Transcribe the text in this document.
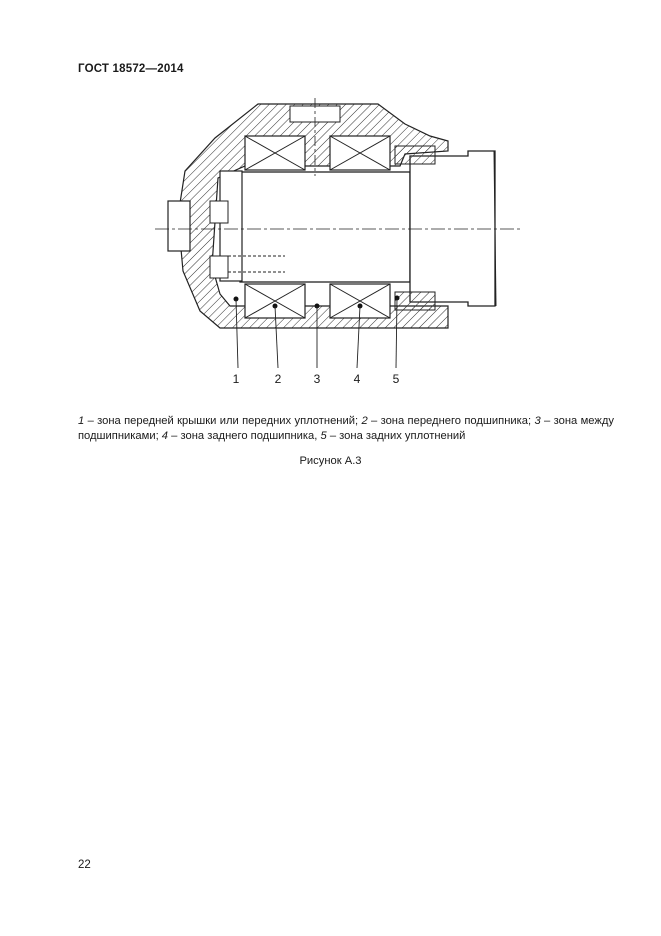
ГОСТ 18572—2014
1	2	3	4	5
1 – зона передней крышки или передних уплотнений; 2 – зона переднего подшипника; 3 – зона между подшипниками; 4 – зона заднего подшипника, 5 – зона задних уплотнений
Рисунок А.3
22
